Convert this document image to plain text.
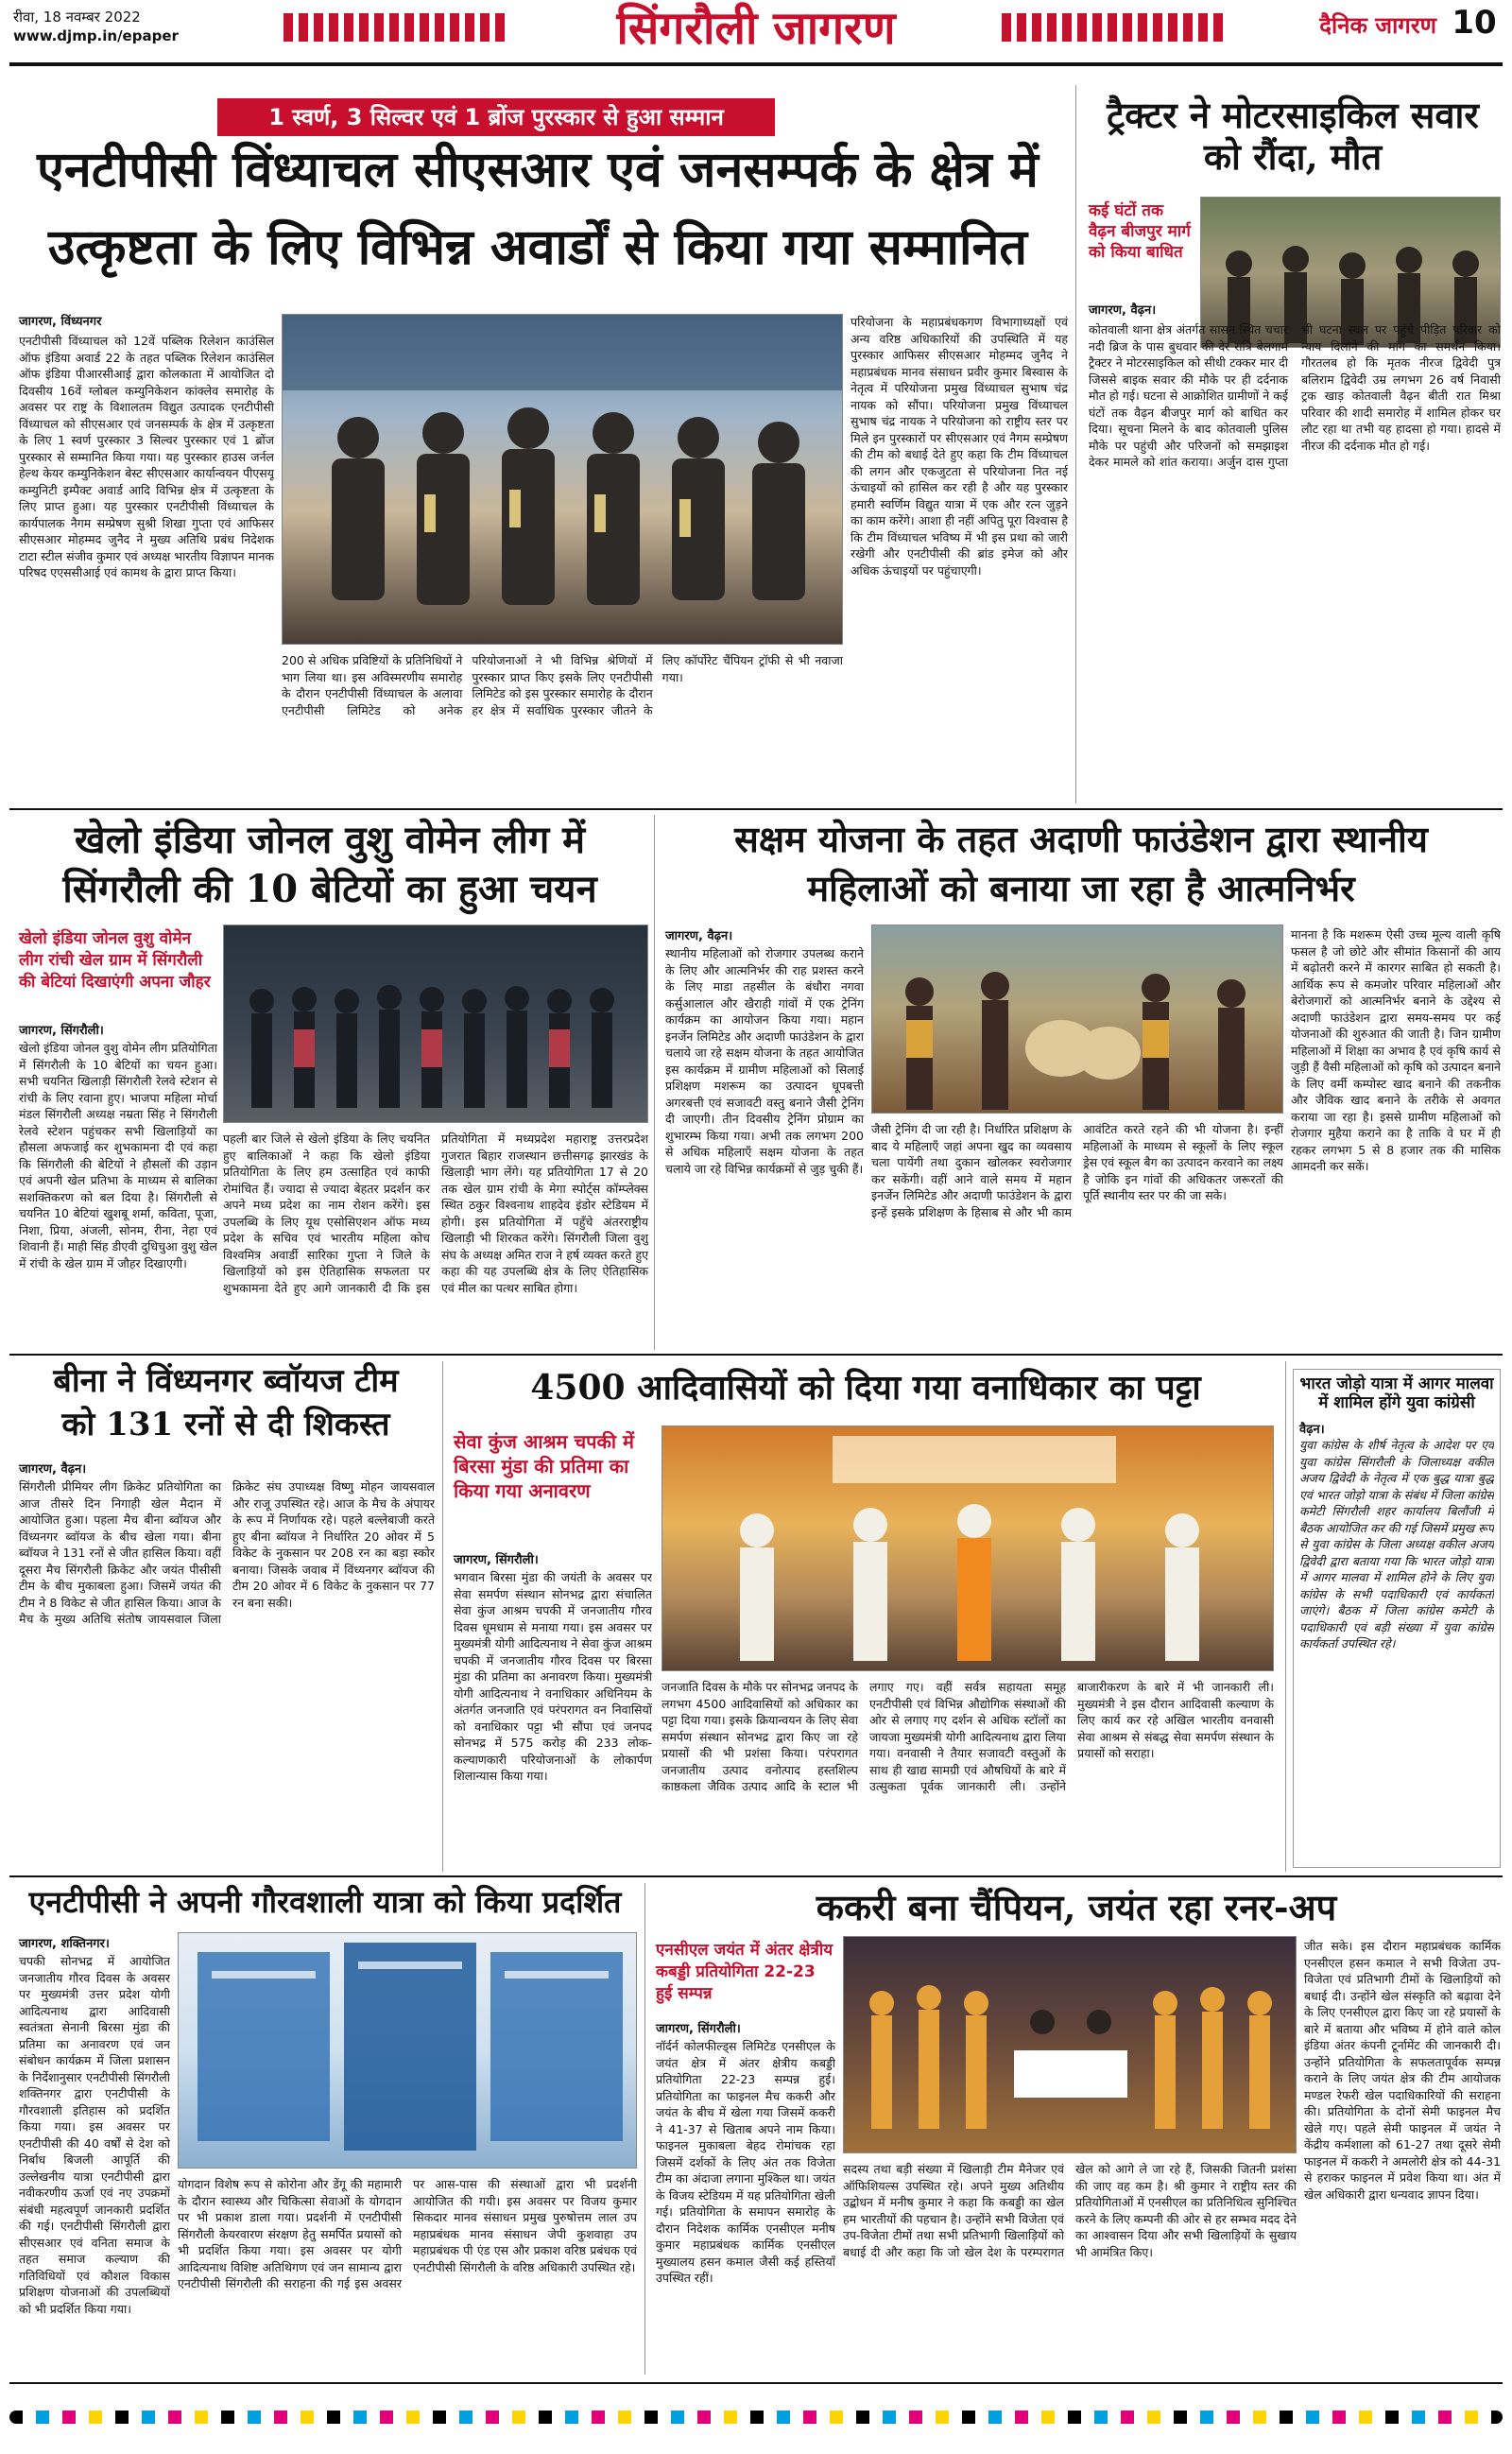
रीवा, 18 नवम्बर 2022
www.djmp.in/epaper	सिंगरौली जागरण	दैनिक जागरण 10
1 स्वर्ण, 3 सिल्वर एवं 1 ब्रोंज पुरस्कार से हुआ सम्मान
एनटीपीसी विंध्याचल सीएसआर एवं जनसम्पर्क के क्षेत्र में
उत्कृष्टता के लिए विभिन्न अवार्डों से किया गया सम्मानित
जागरण, विंध्यनगर
एनटीपीसी विंध्याचल को 12वें पब्लिक रिलेशन काउंसिल ऑफ इंडिया अवार्ड 22 के तहत पब्लिक रिलेशन काउंसिल ऑफ इंडिया पीआरसीआई द्वारा कोलकाता में आयोजित दो दिवसीय 16वें ग्लोबल कम्युनिकेशन कांक्लेव समारोह के अवसर पर राष्ट्र के विशालतम विद्युत उत्पादक एनटीपीसी विंध्याचल को सीएसआर एवं जनसम्पर्क के क्षेत्र में उत्कृष्टता के लिए 1 स्वर्ण पुरस्कार 3 सिल्वर पुरस्कार एवं 1 ब्रोंज पुरस्कार से सम्मानित किया गया। यह पुरस्कार हाउस जर्नल हेल्थ केयर कम्युनिकेशन बेस्ट सीएसआर कार्यान्वयन पीएसयू कम्युनिटी इम्पैक्ट अवार्ड आदि विभिन्न क्षेत्र में उत्कृष्टता के लिए प्राप्त हुआ। यह पुरस्कार एनटीपीसी विंध्याचल के कार्यपालक नैगम सम्प्रेषण सुश्री शिखा गुप्ता एवं आफिसर सीएसआर मोहम्मद जुनैद ने मुख्य अतिथि प्रबंध निदेशक टाटा स्टील संजीव कुमार एवं अध्यक्ष भारतीय विज्ञापन मानक परिषद एएससीआई एवं कामथ के द्वारा प्राप्त किया।
200 से अधिक प्रविष्टियों के प्रतिनिधियों ने भाग लिया था। इस अविस्मरणीय समारोह के दौरान एनटीपीसी विंध्याचल के अलावा एनटीपीसी लिमिटेड को अनेक परियोजनाओं ने भी विभिन्न श्रेणियों में पुरस्कार प्राप्त किए इसके लिए एनटीपीसी लिमिटेड को इस पुरस्कार समारोह के दौरान हर क्षेत्र में सर्वाधिक पुरस्कार जीतने के लिए कॉर्पोरेट चैंपियन ट्रॉफी से भी नवाजा गया।
परियोजना के महाप्रबंधकगण विभागाध्यक्षों एवं अन्य वरिष्ठ अधिकारियों की उपस्थिति में यह पुरस्कार आफिसर सीएसआर मोहम्मद जुनैद ने महाप्रबंधक मानव संसाधन प्रवीर कुमार बिस्वास के नेतृत्व में परियोजना प्रमुख विंध्याचल सुभाष चंद्र नायक को सौंपा। परियोजना प्रमुख विंध्याचल सुभाष चंद्र नायक ने परियोजना को राष्ट्रीय स्तर पर मिले इन पुरस्कारों पर सीएसआर एवं नैगम सम्प्रेषण की टीम को बधाई देते हुए कहा कि टीम विंध्याचल की लगन और एकजुटता से परियोजना नित नई ऊंचाइयों को हासिल कर रही है और यह पुरस्कार हमारी स्वर्णिम विद्युत यात्रा में एक और रत्न जुड़ने का काम करेंगे। आशा ही नहीं अपितु पूरा विश्वास है कि टीम विंध्याचल भविष्य में भी इस प्रथा को जारी रखेगी और एनटीपीसी की ब्रांड इमेज को और अधिक ऊंचाइयों पर पहुंचाएगी।
ट्रैक्टर ने मोटरसाइकिल सवार को रौंदा, मौत
कई घंटों तक वैढ़न बीजपुर मार्ग को किया बाधित
जागरण, वैढ़न।
कोतवाली थाना क्षेत्र अंतर्गत सासन स्थित चचार नदी ब्रिज के पास बुधवार की देर रात्रि बेलगाम ट्रैक्टर ने मोटरसाइकिल को सीधी टक्कर मार दी जिससे बाइक सवार की मौके पर ही दर्दनाक मौत हो गई। घटना से आक्रोशित ग्रामीणों ने कई घंटों तक वैढ़न बीजपुर मार्ग को बाधित कर दिया। सूचना मिलने के बाद कोतवाली पुलिस मौके पर पहुंची और परिजनों को समझाइश देकर मामले को शांत कराया। अर्जुन दास गुप्ता भी घटना स्थल पर पहुंचे पीड़ित परिवार को न्याय दिलाने की मांग का समर्थन किया। गौरतलब हो कि मृतक नीरज द्विवेदी पुत्र बलिराम द्विवेदी उम्र लगभग 26 वर्ष निवासी ट्रक खाड़ कोतवाली वैढ़न बीती रात मिश्रा परिवार की शादी समारोह में शामिल होकर घर लौट रहा था तभी यह हादसा हो गया। हादसे में नीरज की दर्दनाक मौत हो गई।
खेलो इंडिया जोनल वुशु वोमेन लीग में
सिंगरौली की 10 बेटियों का हुआ चयन
खेलो इंडिया जोनल वुशु वोमेन लीग रांची खेल ग्राम में सिंगरौली की बेटियां दिखाएंगी अपना जौहर
जागरण, सिंगरौली।
खेलो इंडिया जोनल वुशु वोमेन लीग प्रतियोगिता में सिंगरौली के 10 बेटियों का चयन हुआ। सभी चयनित खिलाड़ी सिंगरौली रेलवे स्टेशन से रांची के लिए रवाना हुए। भाजपा महिला मोर्चा मंडल सिंगरौली अध्यक्ष नम्रता सिंह ने सिंगरौली रेलवे स्टेशन पहुंचकर सभी खिलाड़ियों का हौसला अफजाई कर शुभकामना दी एवं कहा कि सिंगरौली की बेटियों ने हौसलों की उड़ान एवं अपनी खेल प्रतिभा के माध्यम से बालिका सशक्तिकरण को बल दिया है। सिंगरौली से चयनित 10 बेटियां खुशबू शर्मा, कविता, पूजा, निशा, प्रिया, अंजली, सोनम, रीना, नेहा एवं शिवानी हैं। माही सिंह डीएवी दुधिचुआ वुशु खेल में रांची के खेल ग्राम में जौहर दिखाएगी।
पहली बार जिले से खेलो इंडिया के लिए चयनित हुए बालिकाओं ने कहा कि खेलो इंडिया प्रतियोगिता के लिए हम उत्साहित एवं काफी रोमांचित हैं। ज्यादा से ज्यादा बेहतर प्रदर्शन कर अपने मध्य प्रदेश का नाम रोशन करेंगे। इस उपलब्धि के लिए यूथ एसोसिएशन ऑफ मध्य प्रदेश के सचिव एवं भारतीय महिला कोच विश्वमित्र अवार्डी सारिका गुप्ता ने जिले के खिलाड़ियों को इस ऐतिहासिक सफलता पर शुभकामना देते हुए आगे जानकारी दी कि इस प्रतियोगिता में मध्यप्रदेश महाराष्ट्र उत्तरप्रदेश गुजरात बिहार राजस्थान छत्तीसगढ़ झारखंड के खिलाड़ी भाग लेंगे। यह प्रतियोगिता 17 से 20 तक खेल ग्राम रांची के मेगा स्पोर्ट्स कॉम्प्लेक्स स्थित ठकुर विश्वनाथ शाहदेव इंडोर स्टेडियम में होगी। इस प्रतियोगिता में पहुँचे अंतरराष्ट्रीय खिलाड़ी भी शिरकत करेंगे। सिंगरौली जिला वुशु संघ के अध्यक्ष अमित राज ने हर्ष व्यक्त करते हुए कहा की यह उपलब्धि क्षेत्र के लिए ऐतिहासिक एवं मील का पत्थर साबित होगा।
सक्षम योजना के तहत अदाणी फाउंडेशन द्वारा स्थानीय
महिलाओं को बनाया जा रहा है आत्मनिर्भर
जागरण, वैढ़न।
स्थानीय महिलाओं को रोजगार उपलब्ध कराने के लिए और आत्मनिर्भर की राह प्रशस्त करने के लिए माडा तहसील के बंधौरा नगवा कर्सुआलाल और खैराही गांवों में एक ट्रेनिंग कार्यक्रम का आयोजन किया गया। महान इनर्जेन लिमिटेड और अदाणी फाउंडेशन के द्वारा चलाये जा रहे सक्षम योजना के तहत आयोजित इस कार्यक्रम में ग्रामीण महिलाओं को सिलाई प्रशिक्षण मशरूम का उत्पादन धूपबत्ती अगरबत्ती एवं सजावटी वस्तु बनाने जैसी ट्रेनिंग दी जाएगी। तीन दिवसीय ट्रेनिंग प्रोग्राम का शुभारम्भ किया गया। अभी तक लगभग 200 से अधिक महिलाएँ सक्षम योजना के तहत चलाये जा रहे विभिन्न कार्यक्रमों से जुड़ चुकी हैं।
जैसी ट्रेनिंग दी जा रही है। निर्धारित प्रशिक्षण के बाद ये महिलाएँ जहां अपना खुद का व्यवसाय चला पायेंगी तथा दुकान खोलकर स्वरोजगार कर सकेंगी। वहीं आने वाले समय में महान इनर्जेन लिमिटेड और अदाणी फाउंडेशन के द्वारा इन्हें इसके प्रशिक्षण के हिसाब से और भी काम आवंटित करते रहने की भी योजना है। इन्हीं महिलाओं के माध्यम से स्कूलों के लिए स्कूल ड्रेस एवं स्कूल बैग का उत्पादन करवाने का लक्ष्य है जोकि इन गांवों की अधिकतर जरूरतों की पूर्ति स्थानीय स्तर पर की जा सके।
मानना है कि मशरूम ऐसी उच्च मूल्य वाली कृषि फसल है जो छोटे और सीमांत किसानों की आय में बढ़ोतरी करने में कारगर साबित हो सकती है। आर्थिक रूप से कमजोर परिवार महिलाओं और बेरोजगारों को आत्मनिर्भर बनाने के उद्देश्य से अदाणी फाउंडेशन द्वारा समय-समय पर कई योजनाओं की शुरुआत की जाती है। जिन ग्रामीण महिलाओं में शिक्षा का अभाव है एवं कृषि कार्य से जुड़ी हैं वैसी महिलाओं को कृषि को उत्पादन बनाने के लिए वर्मी कम्पोस्ट खाद बनाने की तकनीक और जैविक खाद बनाने के तरीके से अवगत कराया जा रहा है। इससे ग्रामीण महिलाओं को रोजगार मुहैया कराने का है ताकि वे घर में ही रहकर लगभग 5 से 8 हजार तक की मासिक आमदनी कर सकें।
बीना ने विंध्यनगर ब्वॉयज टीम
को 131 रनों से दी शिकस्त
जागरण, वैढ़न।
सिंगरौली प्रीमियर लीग क्रिकेट प्रतियोगिता का आज तीसरे दिन निगाही खेल मैदान में आयोजित हुआ। पहला मैच बीना ब्वॉयज और विंध्यनगर ब्वॉयज के बीच खेला गया। बीना ब्वॉयज ने 131 रनों से जीत हासिल किया। वहीं दूसरा मैच सिंगरौली क्रिकेट और जयंत पीसीसी टीम के बीच मुकाबला हुआ। जिसमें जयंत की टीम ने 8 विकेट से जीत हासिल किया। आज के मैच के मुख्य अतिथि संतोष जायसवाल जिला क्रिकेट संघ उपाध्यक्ष विष्णु मोहन जायसवाल और राजू उपस्थित रहे। आज के मैच के अंपायर के रूप में निर्णायक रहे। पहले बल्लेबाजी करते हुए बीना ब्वॉयज ने निर्धारित 20 ओवर में 5 विकेट के नुकसान पर 208 रन का बड़ा स्कोर बनाया। जिसके जवाब में विंध्यनगर ब्वॉयज की टीम 20 ओवर में 6 विकेट के नुकसान पर 77 रन बना सकी।
4500 आदिवासियों को दिया गया वनाधिकार का पट्टा
सेवा कुंज आश्रम चपकी में बिरसा मुंडा की प्रतिमा का किया गया अनावरण
जागरण, सिंगरौली।
भगवान बिरसा मुंडा की जयंती के अवसर पर सेवा समर्पण संस्थान सोनभद्र द्वारा संचालित सेवा कुंज आश्रम चपकी में जनजातीय गौरव दिवस धूमधाम से मनाया गया। इस अवसर पर मुख्यमंत्री योगी आदित्यनाथ ने सेवा कुंज आश्रम चपकी में जनजातीय गौरव दिवस पर बिरसा मुंडा की प्रतिमा का अनावरण किया। मुख्यमंत्री योगी आदित्यनाथ ने वनाधिकार अधिनियम के अंतर्गत जनजाति एवं परंपरागत वन निवासियों को वनाधिकार पट्टा भी सौंपा एवं जनपद सोनभद्र में 575 करोड़ की 233 लोक-कल्याणकारी परियोजनाओं के लोकार्पण शिलान्यास किया गया।
जनजाति दिवस के मौके पर सोनभद्र जनपद के लगभग 4500 आदिवासियों को अधिकार का पट्टा दिया गया। इसके क्रियान्वयन के लिए सेवा समर्पण संस्थान सोनभद्र द्वारा किए जा रहे प्रयासों की भी प्रशंसा किया। परंपरागत जनजातीय उत्पाद वनोत्पाद हस्तशिल्प काष्ठकला जैविक उत्पाद आदि के स्टाल भी लगाए गए। वहीं सर्वत्र सहायता समूह एनटीपीसी एवं विभिन्न औद्योगिक संस्थाओं की ओर से लगाए गए दर्शन से अधिक स्टॉलों का जायजा मुख्यमंत्री योगी आदित्यनाथ द्वारा लिया गया। वनवासी ने तैयार सजावटी वस्तुओं के साथ ही खाद्य सामग्री एवं औषधियों के बारे में उत्सुकता पूर्वक जानकारी ली। उन्होंने बाजारीकरण के बारे में भी जानकारी ली। मुख्यमंत्री ने इस दौरान आदिवासी कल्याण के लिए कार्य कर रहे अखिल भारतीय वनवासी सेवा आश्रम से संबद्ध सेवा समर्पण संस्थान के प्रयासों को सराहा।
भारत जोड़ो यात्रा में आगर मालवा में शामिल होंगे युवा कांग्रेसी
वैढ़न।
युवा कांग्रेस के शीर्ष नेतृत्व के आदेश पर एवं युवा कांग्रेस सिंगरौली के जिलाध्यक्ष वकील अजय द्विवेदी के नेतृत्व में एक बुद्ध यात्रा बुद्ध एवं भारत जोड़ो यात्रा के संबंध में जिला कांग्रेस कमेटी सिंगरौली शहर कार्यालय बिलौंजी में बैठक आयोजित कर की गई जिसमें प्रमुख रूप से युवा कांग्रेस के जिला अध्यक्ष वकील अजय द्विवेदी द्वारा बताया गया कि भारत जोड़ो यात्रा में आगर मालवा में शामिल होने के लिए युवा कांग्रेस के सभी पदाधिकारी एवं कार्यकर्ता जाएंगे। बैठक में जिला कांग्रेस कमेटी के पदाधिकारी एवं बड़ी संख्या में युवा कांग्रेस कार्यकर्ता उपस्थित रहे।
एनटीपीसी ने अपनी गौरवशाली यात्रा को किया प्रदर्शित
जागरण, शक्तिनगर।
चपकी सोनभद्र में आयोजित जनजातीय गौरव दिवस के अवसर पर मुख्यमंत्री उत्तर प्रदेश योगी आदित्यनाथ द्वारा आदिवासी स्वतंत्रता सेनानी बिरसा मुंडा की प्रतिमा का अनावरण एवं जन संबोधन कार्यक्रम में जिला प्रशासन के निर्देशानुसार एनटीपीसी सिंगरौली शक्तिनगर द्वारा एनटीपीसी के गौरवशाली इतिहास को प्रदर्शित किया गया। इस अवसर पर एनटीपीसी की 40 वर्षों से देश को निर्बाध बिजली आपूर्ति की उल्लेखनीय यात्रा एनटीपीसी द्वारा नवीकरणीय ऊर्जा एवं नए उपक्रमों संबंधी महत्वपूर्ण जानकारी प्रदर्शित की गई। एनटीपीसी सिंगरौली द्वारा सीएसआर एवं वनिता समाज के तहत समाज कल्याण की गतिविधियों एवं कौशल विकास प्रशिक्षण योजनाओं की उपलब्धियों को भी प्रदर्शित किया गया।
योगदान विशेष रूप से कोरोना और डेंगू की महामारी के दौरान स्वास्थ्य और चिकित्सा सेवाओं के योगदान पर भी प्रकाश डाला गया। प्रदर्शनी में एनटीपीसी सिंगरौली केयरवारण संरक्षण हेतु समर्पित प्रयासों को भी प्रदर्शित किया गया। इस अवसर पर योगी आदित्यनाथ विशिष्ट अतिथिगण एवं जन सामान्य द्वारा एनटीपीसी सिंगरौली की सराहना की गई इस अवसर पर आस-पास की संस्थाओं द्वारा भी प्रदर्शनी आयोजित की गयी। इस अवसर पर विजय कुमार सिकदार मानव संसाधन प्रमुख पुरुषोत्तम लाल उप महाप्रबंधक मानव संसाधन जेपी कुशवाहा उप महाप्रबंधक पी एंड एस और प्रकाश वरिष्ठ प्रबंधक एवं एनटीपीसी सिंगरौली के वरिष्ठ अधिकारी उपस्थित रहे।
ककरी बना चैंपियन, जयंत रहा रनर-अप
एनसीएल जयंत में अंतर क्षेत्रीय कबड्डी प्रतियोगिता 22-23 हुई सम्पन्न
जागरण, सिंगरौली।
नॉर्दर्न कोलफील्ड्स लिमिटेड एनसीएल के जयंत क्षेत्र में अंतर क्षेत्रीय कबड्डी प्रतियोगिता 22-23 सम्पन्न हुई। प्रतियोगिता का फाइनल मैच ककरी और जयंत के बीच में खेला गया जिसमें ककरी ने 41-37 से खिताब अपने नाम किया। फाइनल मुकाबला बेहद रोमांचक रहा जिसमें दर्शकों के लिए अंत तक विजेता टीम का अंदाजा लगाना मुश्किल था। जयंत के विजय स्टेडियम में यह प्रतियोगिता खेली गई। प्रतियोगिता के समापन समारोह के दौरान निदेशक कार्मिक एनसीएल मनीष कुमार महाप्रबंधक कार्मिक एनसीएल मुख्यालय हसन कमाल जैसी कई हस्तियाँ उपस्थित रहीं।
सदस्य तथा बड़ी संख्या में खिलाड़ी टीम मैनेजर एवं ऑफिशियल्स उपस्थित रहे। अपने मुख्य अतिथीय उद्बोधन में मनीष कुमार ने कहा कि कबड्डी का खेल हम भारतीयों की पहचान है। उन्होंने सभी विजेता एवं उप-विजेता टीमों तथा सभी प्रतिभागी खिलाड़ियों को बधाई दी और कहा कि जो खेल देश के परम्परागत खेल को आगे ले जा रहे हैं, जिसकी जितनी प्रशंसा की जाए वह कम है। श्री कुमार ने राष्ट्रीय स्तर की प्रतियोगिताओं में एनसीएल का प्रतिनिधित्व सुनिश्चित करने के लिए कम्पनी की ओर से हर सम्भव मदद देने का आश्वासन दिया और सभी खिलाड़ियों के सुखाय भी आमंत्रित किए।
जीत सके। इस दौरान महाप्रबंधक कार्मिक एनसीएल हसन कमाल ने सभी विजेता उप-विजेता एवं प्रतिभागी टीमों के खिलाड़ियों को बधाई दी। उन्होंने खेल संस्कृति को बढ़ावा देने के लिए एनसीएल द्वारा किए जा रहे प्रयासों के बारे में बताया और भविष्य में होने वाले कोल इंडिया अंतर कंपनी टूर्नामेंट की जानकारी दी। उन्होंने प्रतियोगिता के सफलतापूर्वक सम्पन्न कराने के लिए जयंत क्षेत्र की टीम आयोजक मण्डल रेफरी खेल पदाधिकारियों की सराहना की। प्रतियोगिता के दोनों सेमी फाइनल मैच खेले गए। पहले सेमी फाइनल में जयंत ने केंद्रीय कर्मशाला को 61-27 तथा दूसरे सेमी फाइनल में ककरी ने अमलोरी क्षेत्र को 44-31 से हराकर फाइनल में प्रवेश किया था। अंत में खेल अधिकारी द्वारा धन्यवाद ज्ञापन दिया।
